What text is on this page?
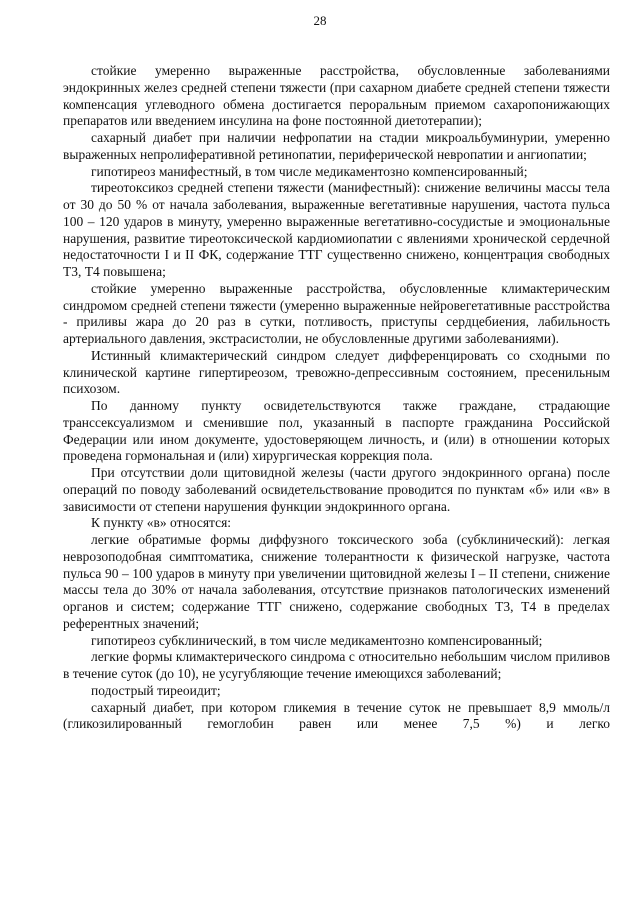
28

стойкие умеренно выраженные расстройства, обусловленные заболеваниями эндокринных желез средней степени тяжести (при сахарном диабете средней степени тяжести компенсация углеводного обмена достигается пероральным приемом сахаропонижающих препаратов или введением инсулина на фоне постоянной диетотерапии);

сахарный диабет при наличии нефропатии на стадии микроальбуминурии, умеренно выраженных непролиферативной ретинопатии, периферической невропатии и ангиопатии;

гипотиреоз манифестный, в том числе медикаментозно компенсированный;

тиреотоксикоз средней степени тяжести (манифестный): снижение величины массы тела от 30 до 50 % от начала заболевания, выраженные вегетативные нарушения, частота пульса 100 – 120 ударов в минуту, умеренно выраженные вегетативно-сосудистые и эмоциональные нарушения, развитие тиреотоксической кардиомиопатии с явлениями хронической сердечной недостаточности I и II ФК, содержание ТТГ существенно снижено, концентрация свободных Т3, Т4 повышена;

стойкие умеренно выраженные расстройства, обусловленные климактерическим синдромом средней степени тяжести (умеренно выраженные нейровегетативные расстройства - приливы жара до 20 раз в сутки, потливость, приступы сердцебиения, лабильность артериального давления, экстрасистолии, не обусловленные другими заболеваниями).

Истинный климактерический синдром следует дифференцировать со сходными по клинической картине гипертиреозом, тревожно-депрессивным состоянием, пресенильным психозом.

По данному пункту освидетельствуются также граждане, страдающие транссексуализмом и сменившие пол, указанный в паспорте гражданина Российской Федерации или ином документе, удостоверяющем личность, и (или) в отношении которых проведена гормональная и (или) хирургическая коррекция пола.

При отсутствии доли щитовидной железы (части другого эндокринного органа) после операций по поводу заболеваний освидетельствование проводится по пунктам «б» или «в» в зависимости от степени нарушения функции эндокринного органа.

К пункту «в» относятся:

легкие обратимые формы диффузного токсического зоба (субклинический): легкая неврозоподобная симптоматика, снижение толерантности к физической нагрузке, частота пульса 90 – 100 ударов в минуту при увеличении щитовидной железы I – II степени, снижение массы тела до 30% от начала заболевания, отсутствие признаков патологических изменений органов и систем; содержание ТТГ снижено, содержание свободных Т3, Т4 в пределах референтных значений;

гипотиреоз субклинический, в том числе медикаментозно компенсированный;

легкие формы климактерического синдрома с относительно небольшим числом приливов в течение суток (до 10), не усугубляющие течение имеющихся заболеваний;

подострый тиреоидит;

сахарный диабет, при котором гликемия в течение суток не превышает 8,9 ммоль/л (гликозилированный гемоглобин равен или менее 7,5 %) и легко
